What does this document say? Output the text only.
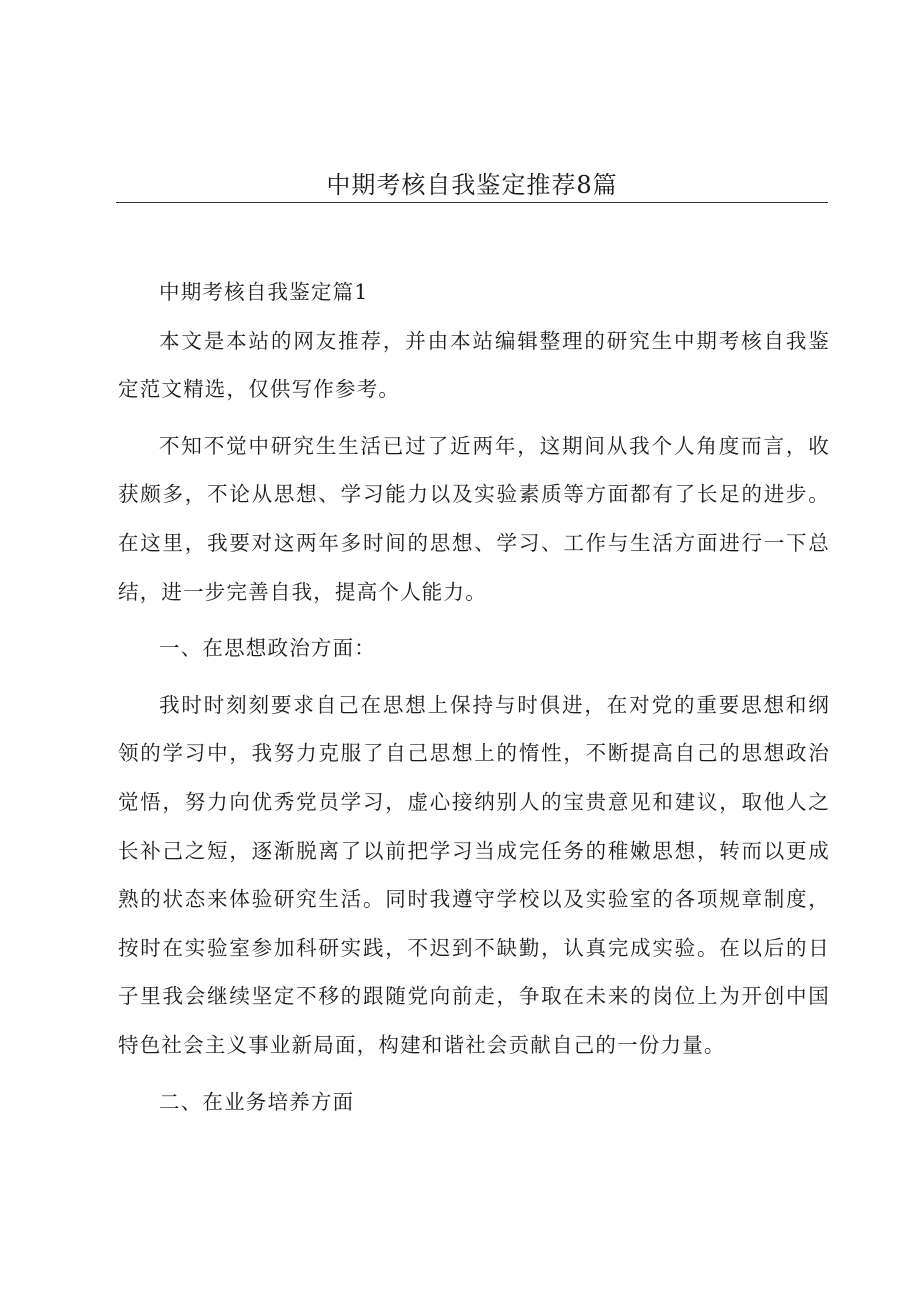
中期考核自我鉴定推荐8篇

中期考核自我鉴定篇1

本文是本站的网友推荐，并由本站编辑整理的研究生中期考核自我鉴定范文精选，仅供写作参考。

不知不觉中研究生生活已过了近两年，这期间从我个人角度而言，收获颇多，不论从思想、学习能力以及实验素质等方面都有了长足的进步。在这里，我要对这两年多时间的思想、学习、工作与生活方面进行一下总结，进一步完善自我，提高个人能力。

一、在思想政治方面：

我时时刻刻要求自己在思想上保持与时俱进，在对党的重要思想和纲领的学习中，我努力克服了自己思想上的惰性，不断提高自己的思想政治觉悟，努力向优秀党员学习，虚心接纳别人的宝贵意见和建议，取他人之长补己之短，逐渐脱离了以前把学习当成完任务的稚嫩思想，转而以更成熟的状态来体验研究生活。同时我遵守学校以及实验室的各项规章制度，按时在实验室参加科研实践，不迟到不缺勤，认真完成实验。在以后的日子里我会继续坚定不移的跟随党向前走，争取在未来的岗位上为开创中国特色社会主义事业新局面，构建和谐社会贡献自己的一份力量。

二、在业务培养方面
